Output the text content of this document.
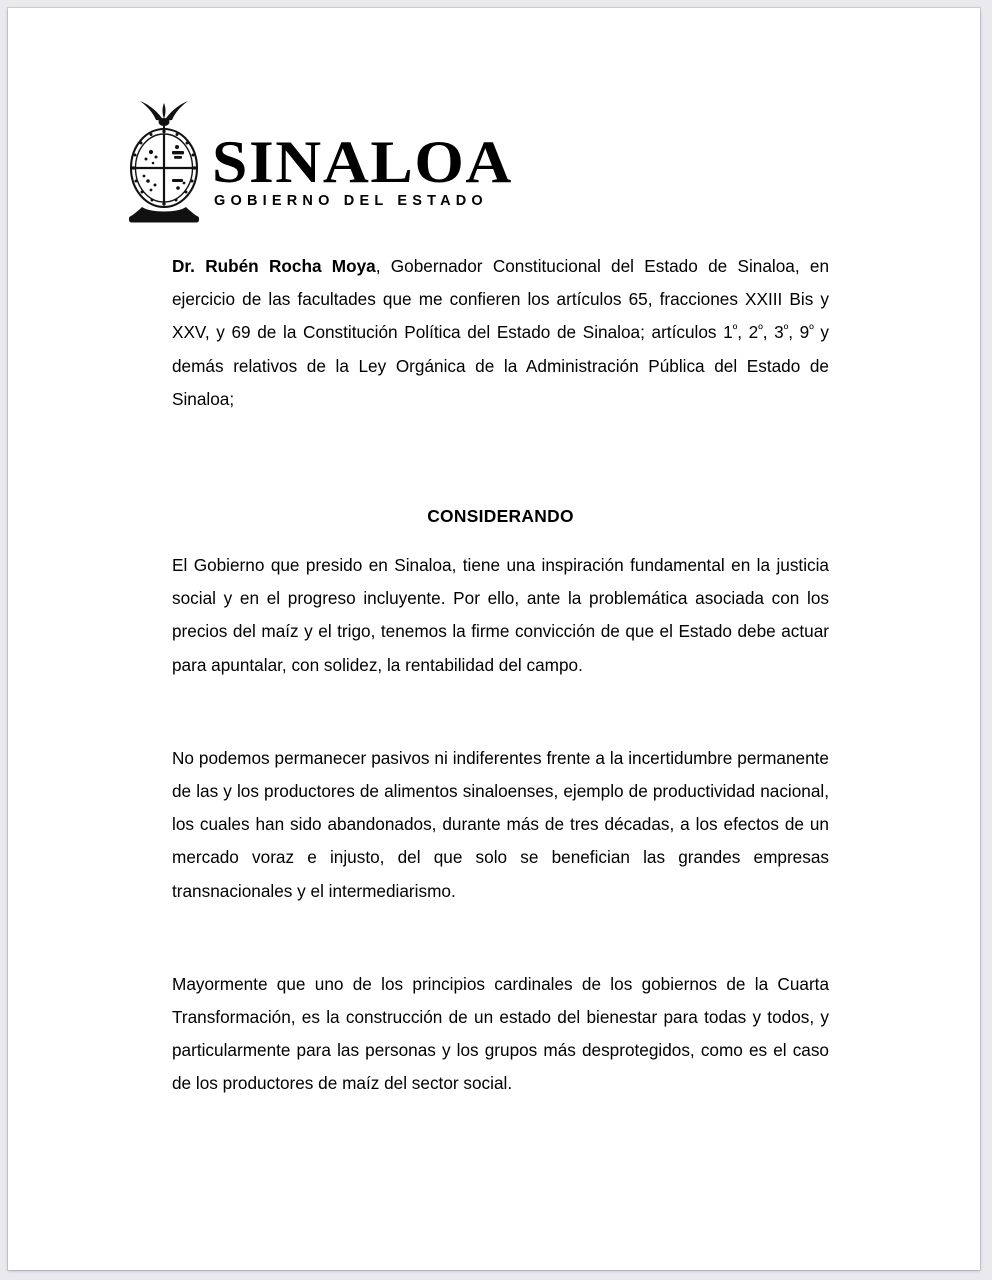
SINALOA
GOBIERNO DEL ESTADO

Dr. Rubén Rocha Moya, Gobernador Constitucional del Estado de Sinaloa, en ejercicio de las facultades que me confieren los artículos 65, fracciones XXIII Bis y XXV, y 69 de la Constitución Política del Estado de Sinaloa; artículos $1^º$, $2^º$, $3^º$, $9^º$ y demás relativos de la Ley Orgánica de la Administración Pública del Estado de Sinaloa;

CONSIDERANDO

El Gobierno que presido en Sinaloa, tiene una inspiración fundamental en la justicia social y en el progreso incluyente. Por ello, ante la problemática asociada con los precios del maíz y el trigo, tenemos la firme convicción de que el Estado debe actuar para apuntalar, con solidez, la rentabilidad del campo.

No podemos permanecer pasivos ni indiferentes frente a la incertidumbre permanente de las y los productores de alimentos sinaloenses, ejemplo de productividad nacional, los cuales han sido abandonados, durante más de tres décadas, a los efectos de un mercado voraz e injusto, del que solo se benefician las grandes empresas transnacionales y el intermediarismo.

Mayormente que uno de los principios cardinales de los gobiernos de la Cuarta Transformación, es la construcción de un estado del bienestar para todas y todos, y particularmente para las personas y los grupos más desprotegidos, como es el caso de los productores de maíz del sector social.
